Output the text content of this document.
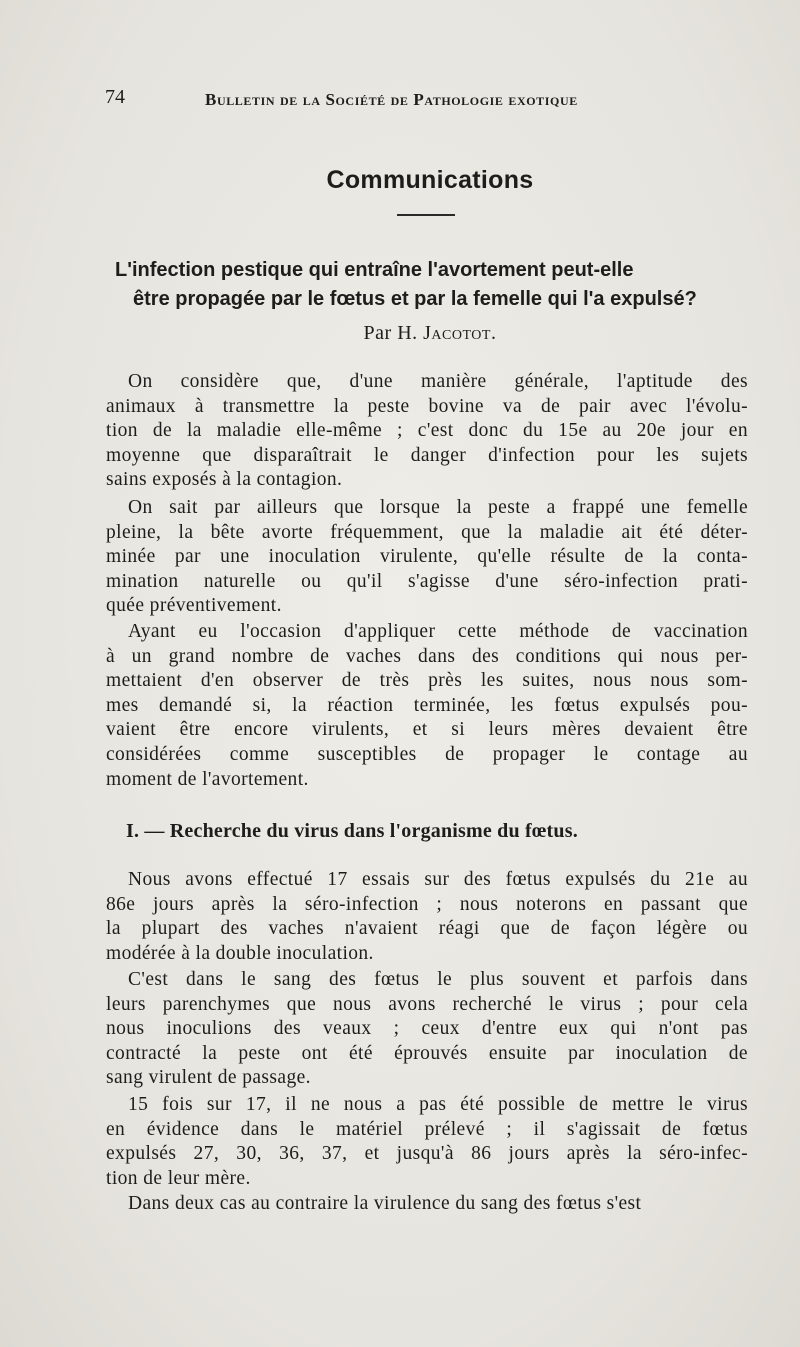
74	Bulletin de la Société de Pathologie exotique
Communications
L'infection pestique qui entraîne l'avortement peut-elle
être propagée par le fœtus et par la femelle qui l'a expulsé?
Par H. Jacotot.
On considère que, d'une manière générale, l'aptitude des
animaux à transmettre la peste bovine va de pair avec l'évolu-
tion de la maladie elle-même ; c'est donc du 15e au 20e jour en
moyenne que disparaîtrait le danger d'infection pour les sujets
sains exposés à la contagion.
On sait par ailleurs que lorsque la peste a frappé une femelle
pleine, la bête avorte fréquemment, que la maladie ait été déter-
minée par une inoculation virulente, qu'elle résulte de la conta-
mination naturelle ou qu'il s'agisse d'une séro-infection prati-
quée préventivement.
Ayant eu l'occasion d'appliquer cette méthode de vaccination
à un grand nombre de vaches dans des conditions qui nous per-
mettaient d'en observer de très près les suites, nous nous som-
mes demandé si, la réaction terminée, les fœtus expulsés pou-
vaient être encore virulents, et si leurs mères devaient être
considérées comme susceptibles de propager le contage au
moment de l'avortement.
I. — Recherche du virus dans l'organisme du fœtus.
Nous avons effectué 17 essais sur des fœtus expulsés du 21e au
86e jours après la séro-infection ; nous noterons en passant que
la plupart des vaches n'avaient réagi que de façon légère ou
modérée à la double inoculation.
C'est dans le sang des fœtus le plus souvent et parfois dans
leurs parenchymes que nous avons recherché le virus ; pour cela
nous inoculions des veaux ; ceux d'entre eux qui n'ont pas
contracté la peste ont été éprouvés ensuite par inoculation de
sang virulent de passage.
15 fois sur 17, il ne nous a pas été possible de mettre le virus
en évidence dans le matériel prélevé ; il s'agissait de fœtus
expulsés 27, 30, 36, 37, et jusqu'à 86 jours après la séro-infec-
tion de leur mère.
Dans deux cas au contraire la virulence du sang des fœtus s'est
